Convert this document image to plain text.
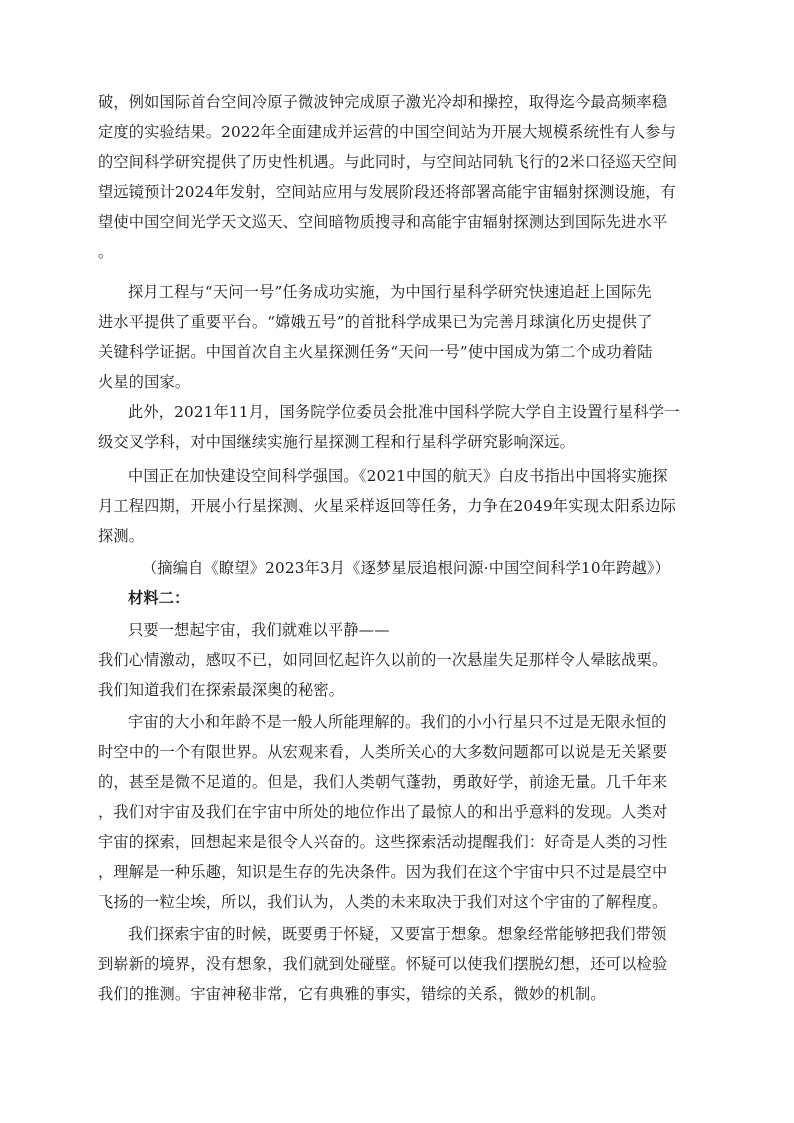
破，例如国际首台空间冷原子微波钟完成原子激光冷却和操控，取得迄今最高频率稳
定度的实验结果。2022年全面建成并运营的中国空间站为开展大规模系统性有人参与
的空间科学研究提供了历史性机遇。与此同时，与空间站同轨飞行的2米口径巡天空间
望远镜预计2024年发射，空间站应用与发展阶段还将部署高能宇宙辐射探测设施，有
望使中国空间光学天文巡天、空间暗物质搜寻和高能宇宙辐射探测达到国际先进水平
。
探月工程与“天问一号”任务成功实施，为中国行星科学研究快速追赶上国际先
进水平提供了重要平台。“嫦娥五号”的首批科学成果已为完善月球演化历史提供了
关键科学证据。中国首次自主火星探测任务“天问一号”使中国成为第二个成功着陆
火星的国家。
此外，2021年11月，国务院学位委员会批准中国科学院大学自主设置行星科学一
级交叉学科，对中国继续实施行星探测工程和行星科学研究影响深远。
中国正在加快建设空间科学强国。《2021中国的航天》白皮书指出中国将实施探
月工程四期，开展小行星探测、火星采样返回等任务，力争在2049年实现太阳系边际
探测。
（摘编自《瞭望》2023年3月《逐梦星辰追根问源·中国空间科学10年跨越》）
材料二：
只要一想起宇宙，我们就难以平静——
我们心情激动，感叹不已，如同回忆起许久以前的一次悬崖失足那样令人晕眩战栗。
我们知道我们在探索最深奥的秘密。
宇宙的大小和年龄不是一般人所能理解的。我们的小小行星只不过是无限永恒的
时空中的一个有限世界。从宏观来看，人类所关心的大多数问题都可以说是无关紧要
的，甚至是微不足道的。但是，我们人类朝气蓬勃，勇敢好学，前途无量。几千年来
，我们对宇宙及我们在宇宙中所处的地位作出了最惊人的和出乎意料的发现。人类对
宇宙的探索，回想起来是很令人兴奋的。这些探索活动提醒我们：好奇是人类的习性
，理解是一种乐趣，知识是生存的先决条件。因为我们在这个宇宙中只不过是晨空中
飞扬的一粒尘埃，所以，我们认为，人类的未来取决于我们对这个宇宙的了解程度。
我们探索宇宙的时候，既要勇于怀疑，又要富于想象。想象经常能够把我们带领
到崭新的境界，没有想象，我们就到处碰壁。怀疑可以使我们摆脱幻想，还可以检验
我们的推测。宇宙神秘非常，它有典雅的事实，错综的关系，微妙的机制。
